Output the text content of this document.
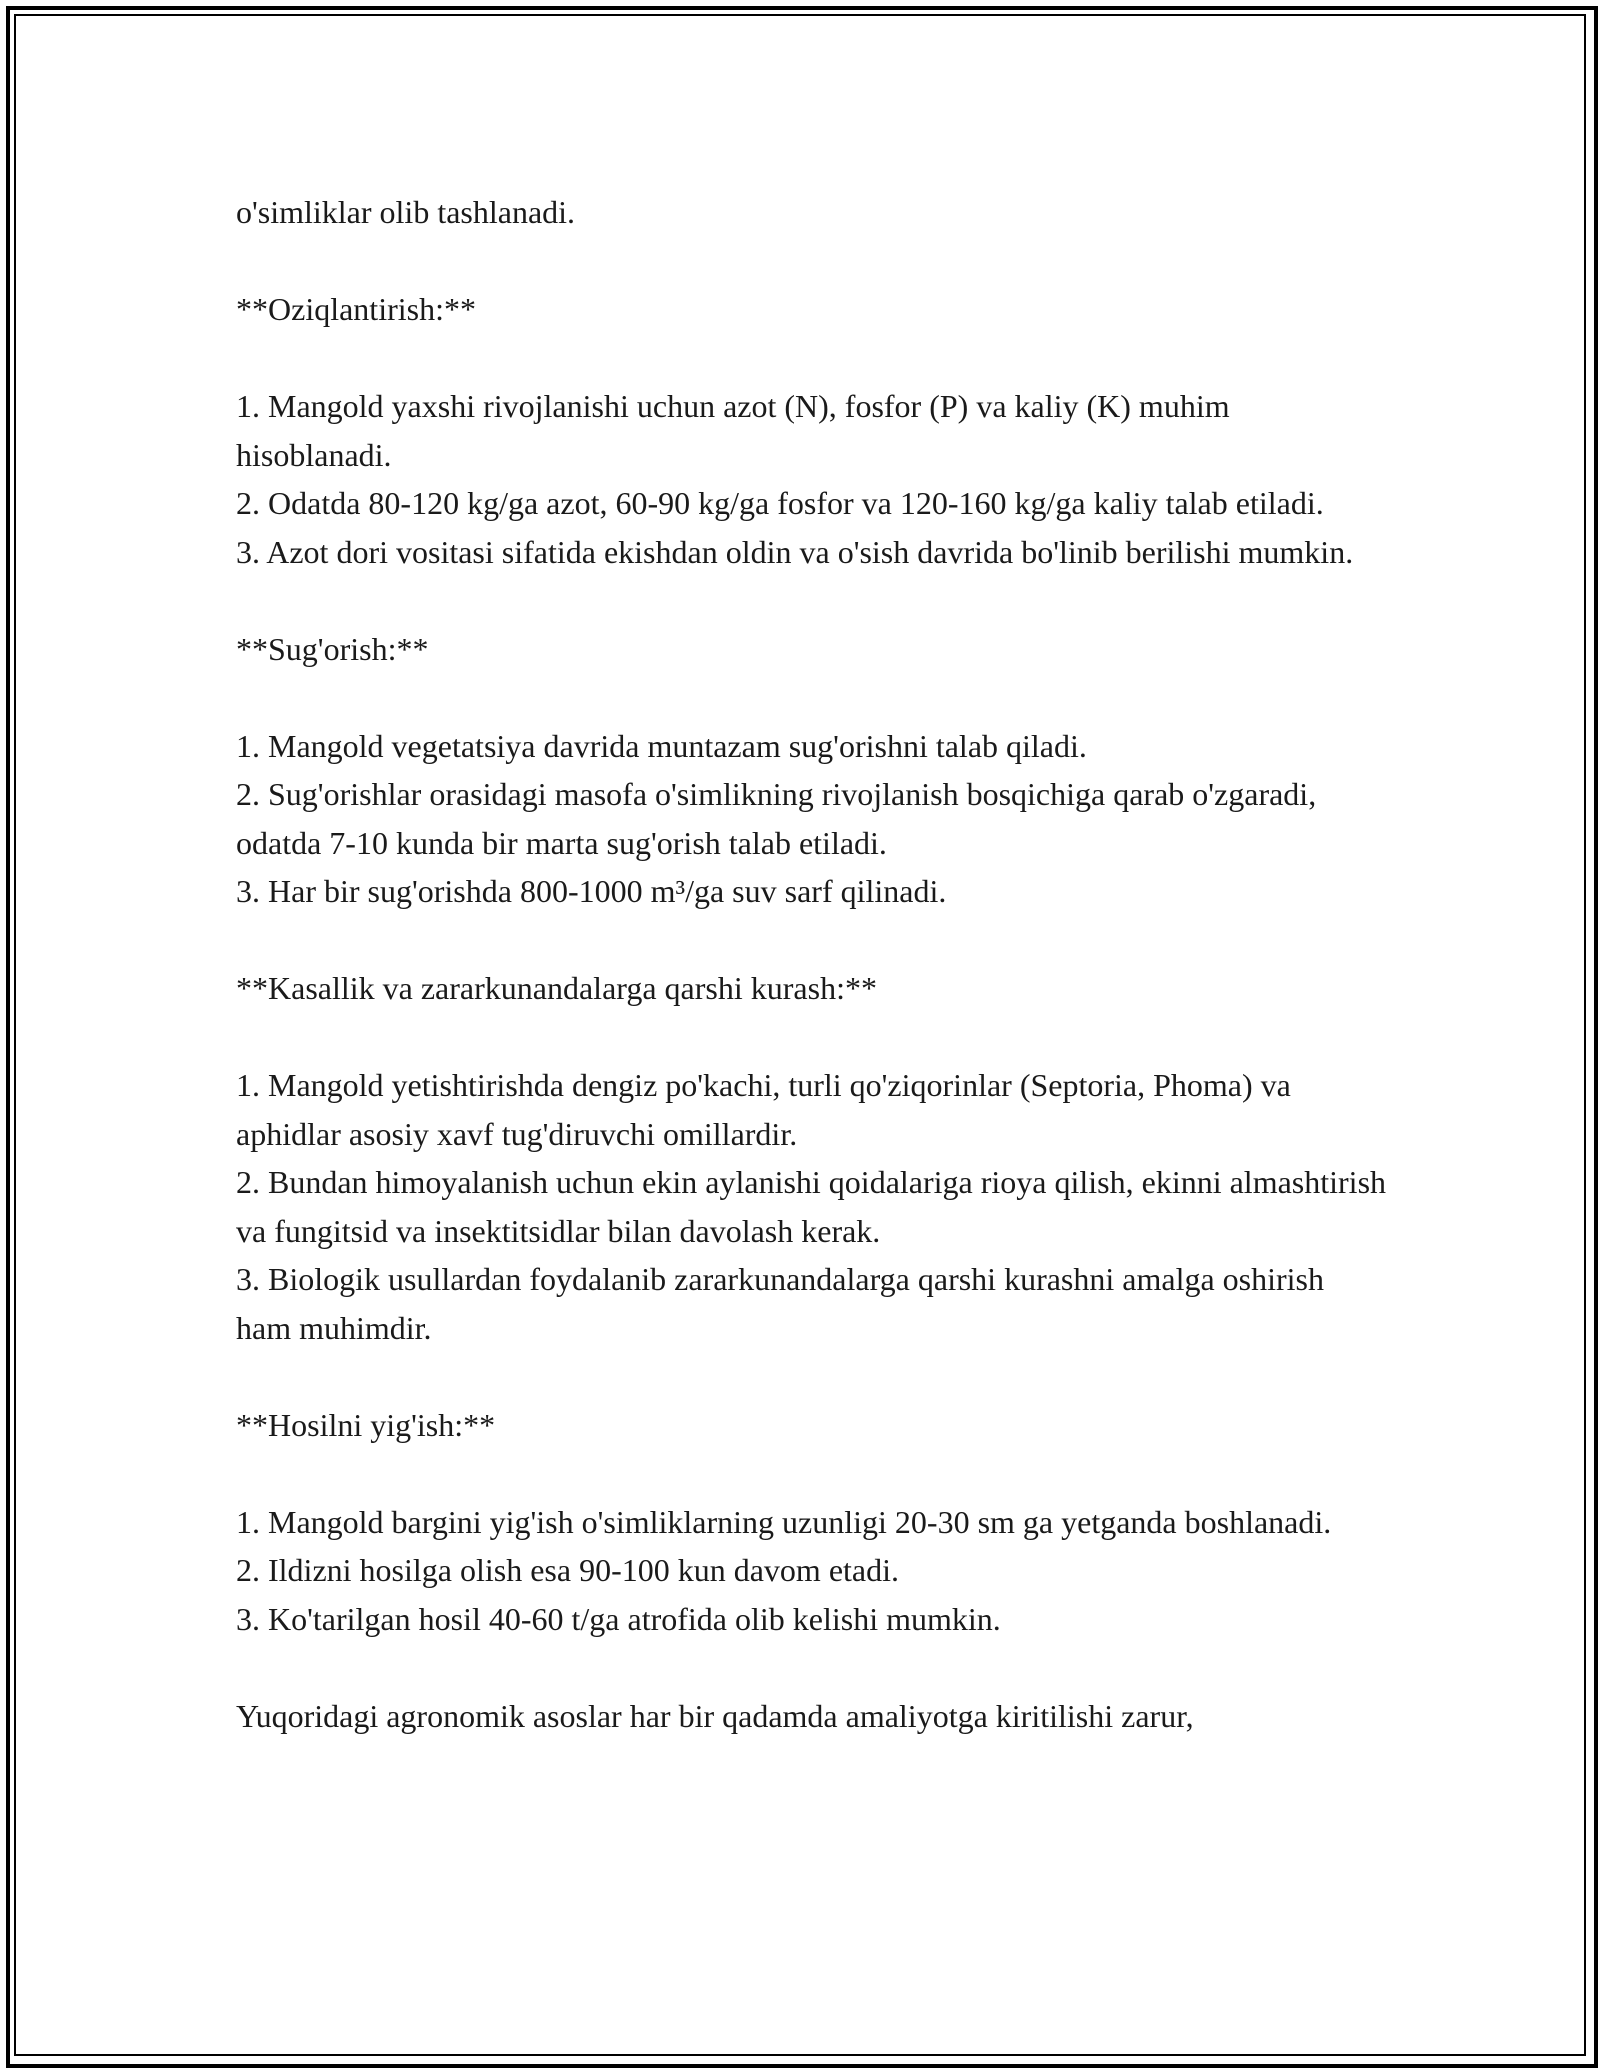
o'simliklar olib tashlanadi.

**Oziqlantirish:**

1. Mangold yaxshi rivojlanishi uchun azot (N), fosfor (P) va kaliy (K) muhim hisoblanadi.

2. Odatda 80-120 kg/ga azot, 60-90 kg/ga fosfor va 120-160 kg/ga kaliy talab etiladi.

3. Azot dori vositasi sifatida ekishdan oldin va o'sish davrida bo'linib berilishi mumkin.

**Sug'orish:**

1. Mangold vegetatsiya davrida muntazam sug'orishni talab qiladi.

2. Sug'orishlar orasidagi masofa o'simlikning rivojlanish bosqichiga qarab o'zgaradi, odatda 7-10 kunda bir marta sug'orish talab etiladi.

3. Har bir sug'orishda 800-1000 m³/ga suv sarf qilinadi.

**Kasallik va zararkunandalarga qarshi kurash:**

1. Mangold yetishtirishda dengiz po'kachi, turli qo'ziqorinlar (Septoria, Phoma) va aphidlar asosiy xavf tug'diruvchi omillardir.

2. Bundan himoyalanish uchun ekin aylanishi qoidalariga rioya qilish, ekinni almashtirish va fungitsid va insektitsidlar bilan davolash kerak.

3. Biologik usullardan foydalanib zararkunandalarga qarshi kurashni amalga oshirish ham muhimdir.

**Hosilni yig'ish:**

1. Mangold bargini yig'ish o'simliklarning uzunligi 20-30 sm ga yetganda boshlanadi.

2. Ildizni hosilga olish esa 90-100 kun davom etadi.

3. Ko'tarilgan hosil 40-60 t/ga atrofida olib kelishi mumkin.

Yuqoridagi agronomik asoslar har bir qadamda amaliyotga kiritilishi zarur,
